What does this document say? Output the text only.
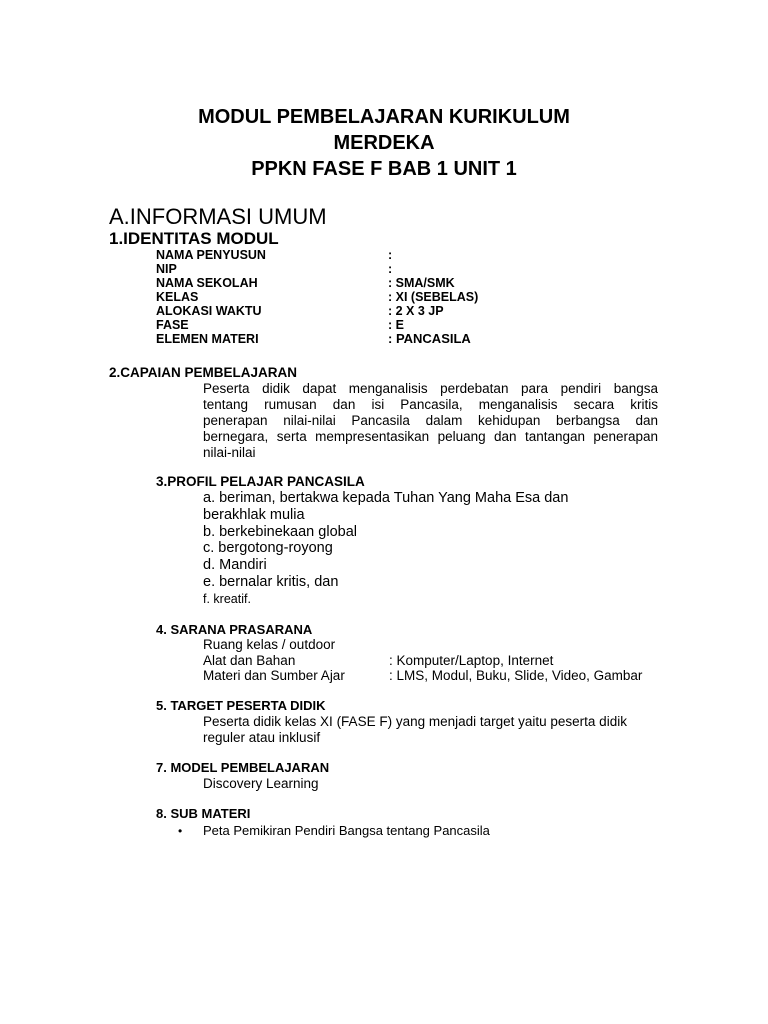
MODUL PEMBELAJARAN KURIKULUM
MERDEKA
PPKN FASE F BAB 1 UNIT 1
A.INFORMASI UMUM
1.IDENTITAS MODUL
NAMA PENYUSUN	:
NIP	:
NAMA SEKOLAH	: SMA/SMK
KELAS	: XI (SEBELAS)
ALOKASI WAKTU	: 2 X 3 JP
FASE	: E
ELEMEN MATERI	: PANCASILA
2.CAPAIAN PEMBELAJARAN
Peserta didik dapat menganalisis perdebatan para pendiri bangsa
tentang rumusan dan isi Pancasila, menganalisis secara kritis
penerapan nilai-nilai Pancasila dalam kehidupan berbangsa dan
bernegara, serta mempresentasikan peluang dan tantangan penerapan
nilai-nilai
3.PROFIL PELAJAR PANCASILA
a. beriman, bertakwa kepada Tuhan Yang Maha Esa dan
berakhlak mulia
b. berkebinekaan global
c. bergotong-royong
d. Mandiri
e. bernalar kritis, dan
f. kreatif.
4. SARANA PRASARANA
Ruang kelas / outdoor
Alat dan Bahan	: Komputer/Laptop, Internet
Materi dan Sumber Ajar	: LMS, Modul, Buku, Slide, Video, Gambar
5. TARGET PESERTA DIDIK
Peserta didik kelas XI (FASE F) yang menjadi target yaitu peserta didik
reguler atau inklusif
7. MODEL PEMBELAJARAN
Discovery Learning
8. SUB MATERI
• Peta Pemikiran Pendiri Bangsa tentang Pancasila
